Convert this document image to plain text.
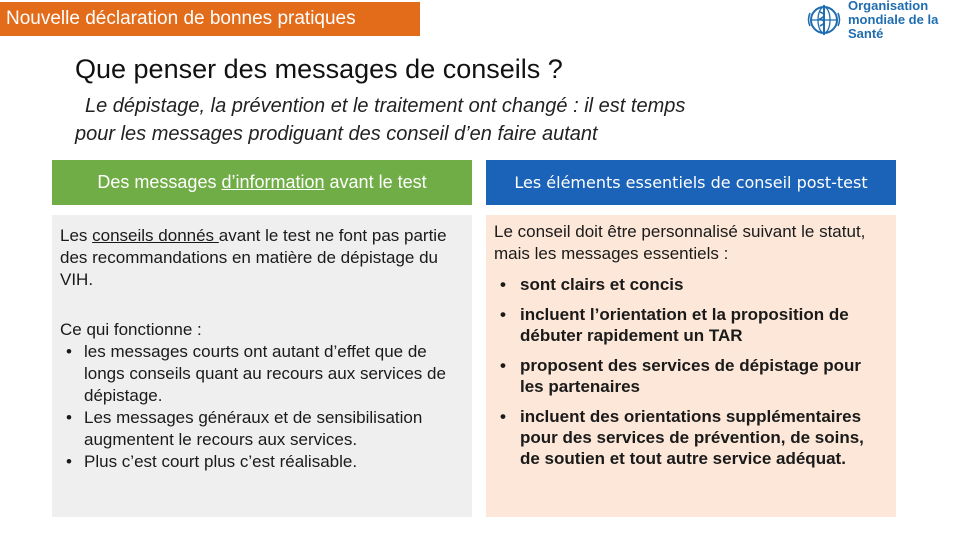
Nouvelle déclaration de bonnes pratiques
Organisation
mondiale de la Santé
Que penser des messages de conseils ?
Le dépistage, la prévention et le traitement ont changé : il est temps
pour les messages prodiguant des conseil d’en faire autant
Des messages d’information avant le test	Les éléments essentiels de conseil post-test

Les conseils donnés avant le test ne font pas partie des recommandations en matière de dépistage du VIH.

Ce qui fonctionne :

• les messages courts ont autant d’effet que de longs conseils quant au recours aux services de dépistage.
• Les messages généraux et de sensibilisation augmentent le recours aux services.
• Plus c’est court plus c’est réalisable.

Le conseil doit être personnalisé suivant le statut, mais les messages essentiels :

• sont clairs et concis
• incluent l’orientation et la proposition de débuter rapidement un TAR
• proposent des services de dépistage pour les partenaires
• incluent des orientations supplémentaires pour des services de prévention, de soins, de soutien et tout autre service adéquat.
